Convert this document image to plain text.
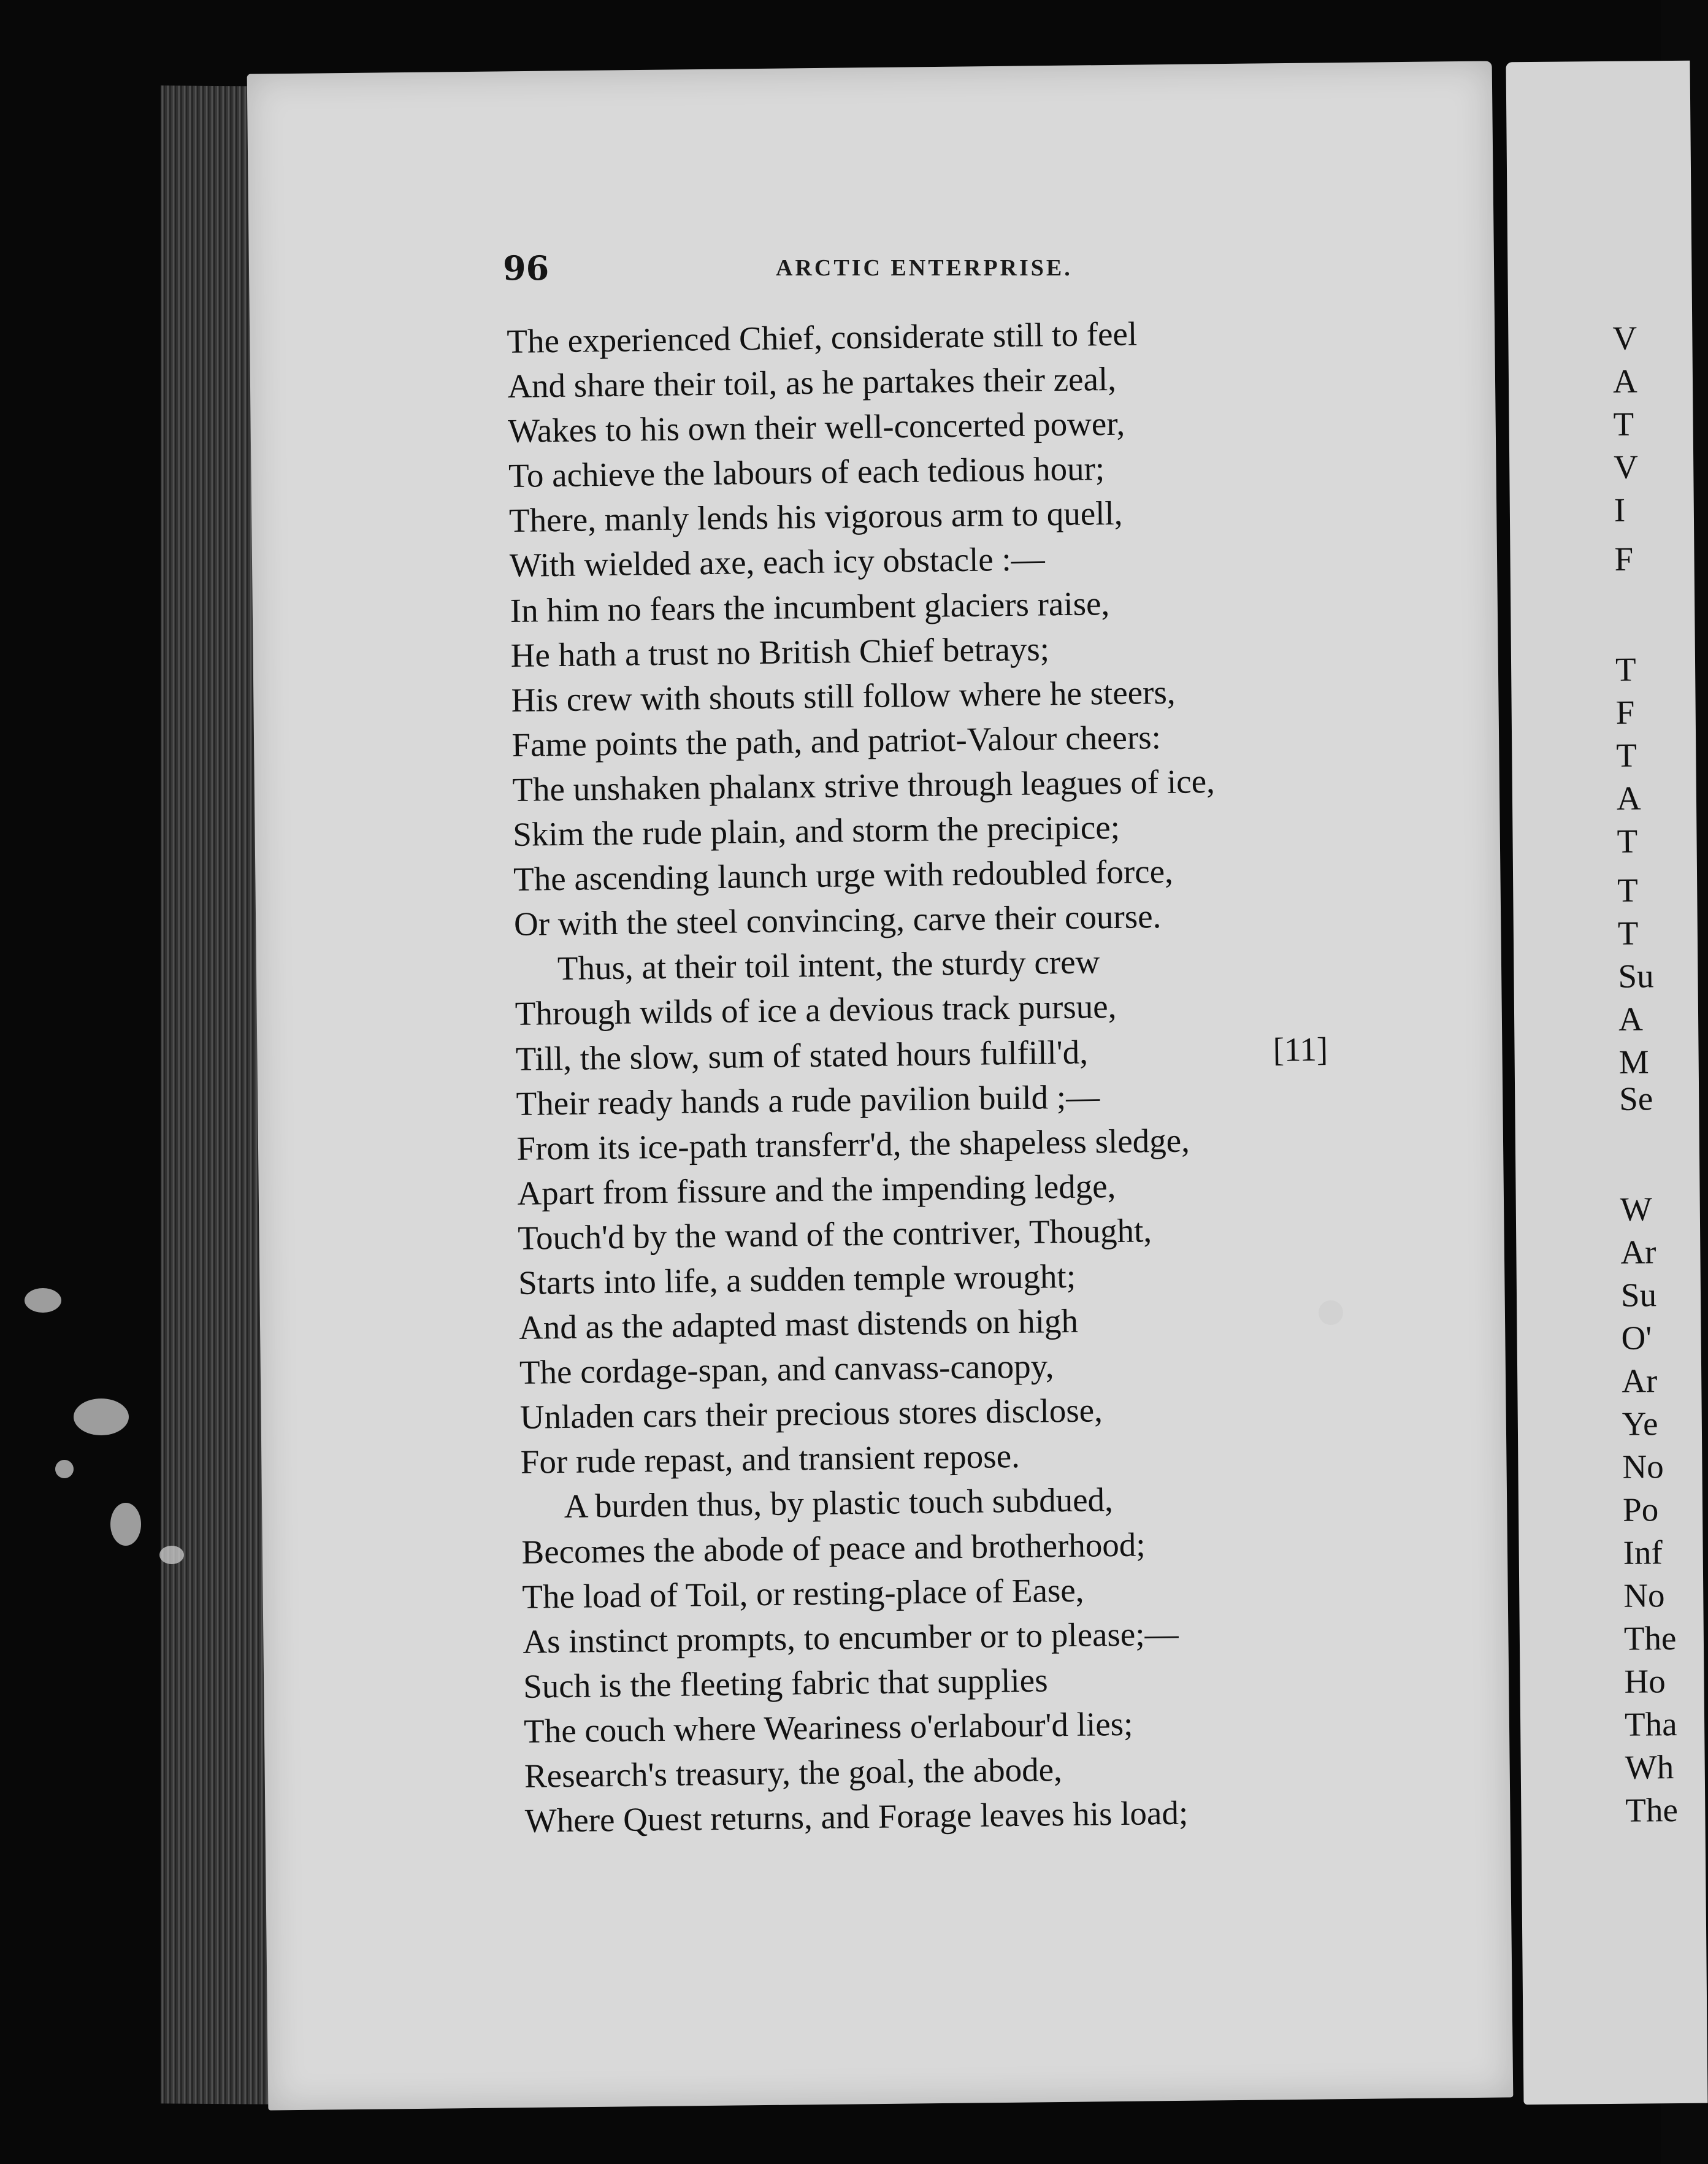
V
A
T
V
I
F
T
F
T
A
T
T
T
Su
A
M
Se
W
Ar
Su
O'
Ar
Ye
No
Po
Inf
No
The
Ho
Tha
Wh
The
96	ARCTIC ENTERPRISE.
The experienced Chief, considerate still to feel
And share their toil, as he partakes their zeal,
Wakes to his own their well-concerted power,
To achieve the labours of each tedious hour;
There, manly lends his vigorous arm to quell,
With wielded axe, each icy obstacle :—
In him no fears the incumbent glaciers raise,
He hath a trust no British Chief betrays;
His crew with shouts still follow where he steers,
Fame points the path, and patriot-Valour cheers:
The unshaken phalanx strive through leagues of ice,
Skim the rude plain, and storm the precipice;
The ascending launch urge with redoubled force,
Or with the steel convincing, carve their course.
Thus, at their toil intent, the sturdy crew
Through wilds of ice a devious track pursue,
Till, the slow, sum of stated hours fulfill'd,	[11]
Their ready hands a rude pavilion build ;—
From its ice-path transferr'd, the shapeless sledge,
Apart from fissure and the impending ledge,
Touch'd by the wand of the contriver, Thought,
Starts into life, a sudden temple wrought;
And as the adapted mast distends on high
The cordage-span, and canvass-canopy,
Unladen cars their precious stores disclose,
For rude repast, and transient repose.
A burden thus, by plastic touch subdued,
Becomes the abode of peace and brotherhood;
The load of Toil, or resting-place of Ease,
As instinct prompts, to encumber or to please;—
Such is the fleeting fabric that supplies
The couch where Weariness o'erlabour'd lies;
Research's treasury, the goal, the abode,
Where Quest returns, and Forage leaves his load;
